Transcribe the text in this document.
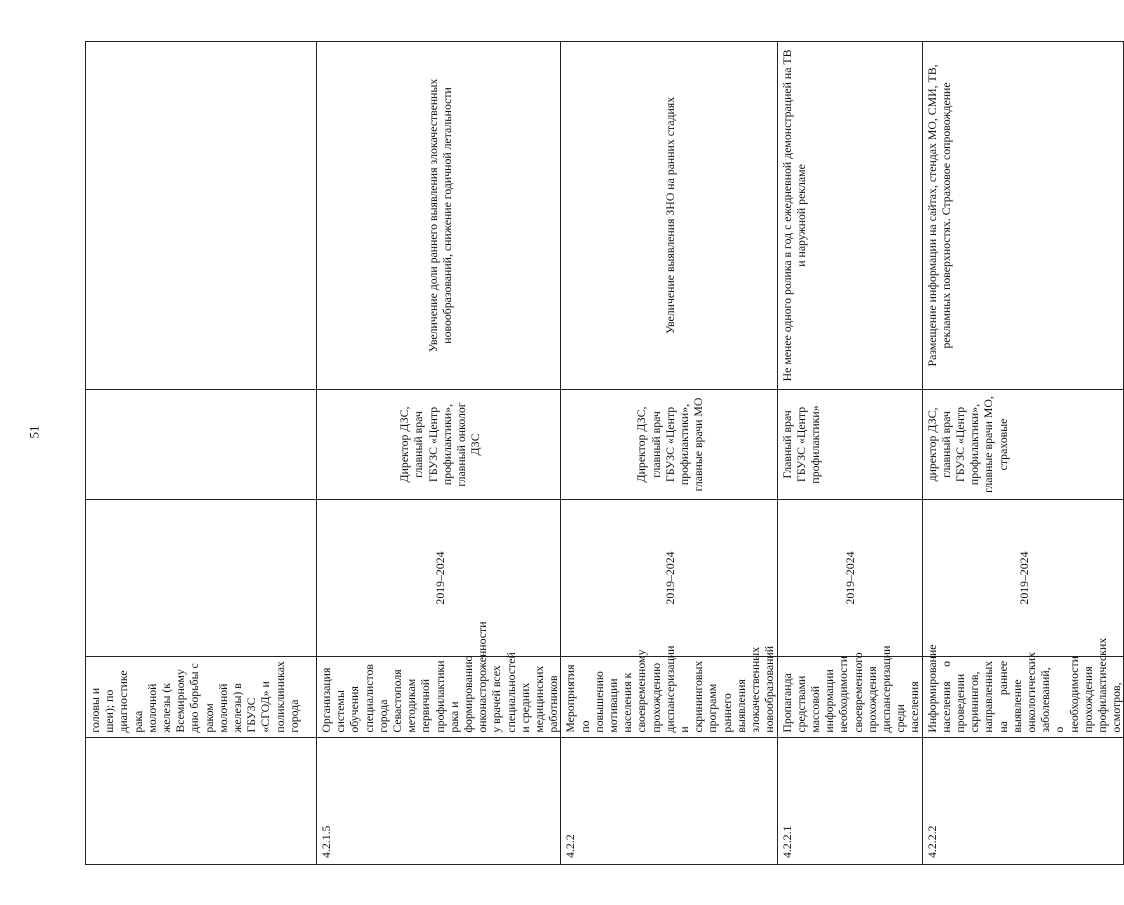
51
	головы и шеи); по диагностике рака молочной железы (к Всемирному дню борьбы с раком молочной железы) в ГБУЗС «СГОД» и поликлиниках города			
4.2.1.5	Организация системы обучения специалистов города Севастополя методикам первичной профилактики рака и формированию онконастороженности у врачей всех специальностей и средних медицинских работников	2019–2024	Директор ДЗС, главный врач ГБУЗС «Центр профилактики», главный онколог ДЗС	Увеличение доли раннего выявления злокачественных новообразований, снижение годичной летальности
4.2.2	Мероприятия по повышению мотивации населения к своевременному прохождению диспансеризации и скрининговых программ раннего выявления злокачественных новообразований	2019–2024	Директор ДЗС, главный врач ГБУЗС «Центр профилактики», главные врачи МО	Увеличение выявления ЗНО на ранних стадиях
4.2.2.1	Пропаганда средствами массовой информации необходимости своевременного прохождения диспансеризации среди населения	2019–2024	Главный врач ГБУЗС «Центр профилактики»	Не менее одного ролика в год с ежедневной демонстрацией на ТВ и наружной рекламе
4.2.2.2	Информирование населения о проведении скринингов, направленных на раннее выявление онкологических заболеваний, о необходимости прохождения профилактических осмотров,	2019–2024	директор ДЗС, главный врач ГБУЗС «Центр профилактики», главные врачи МО, страховые	Размещение информации на сайтах, стендах МО, СМИ, ТВ, рекламных поверхностях. Страховое сопровождение
